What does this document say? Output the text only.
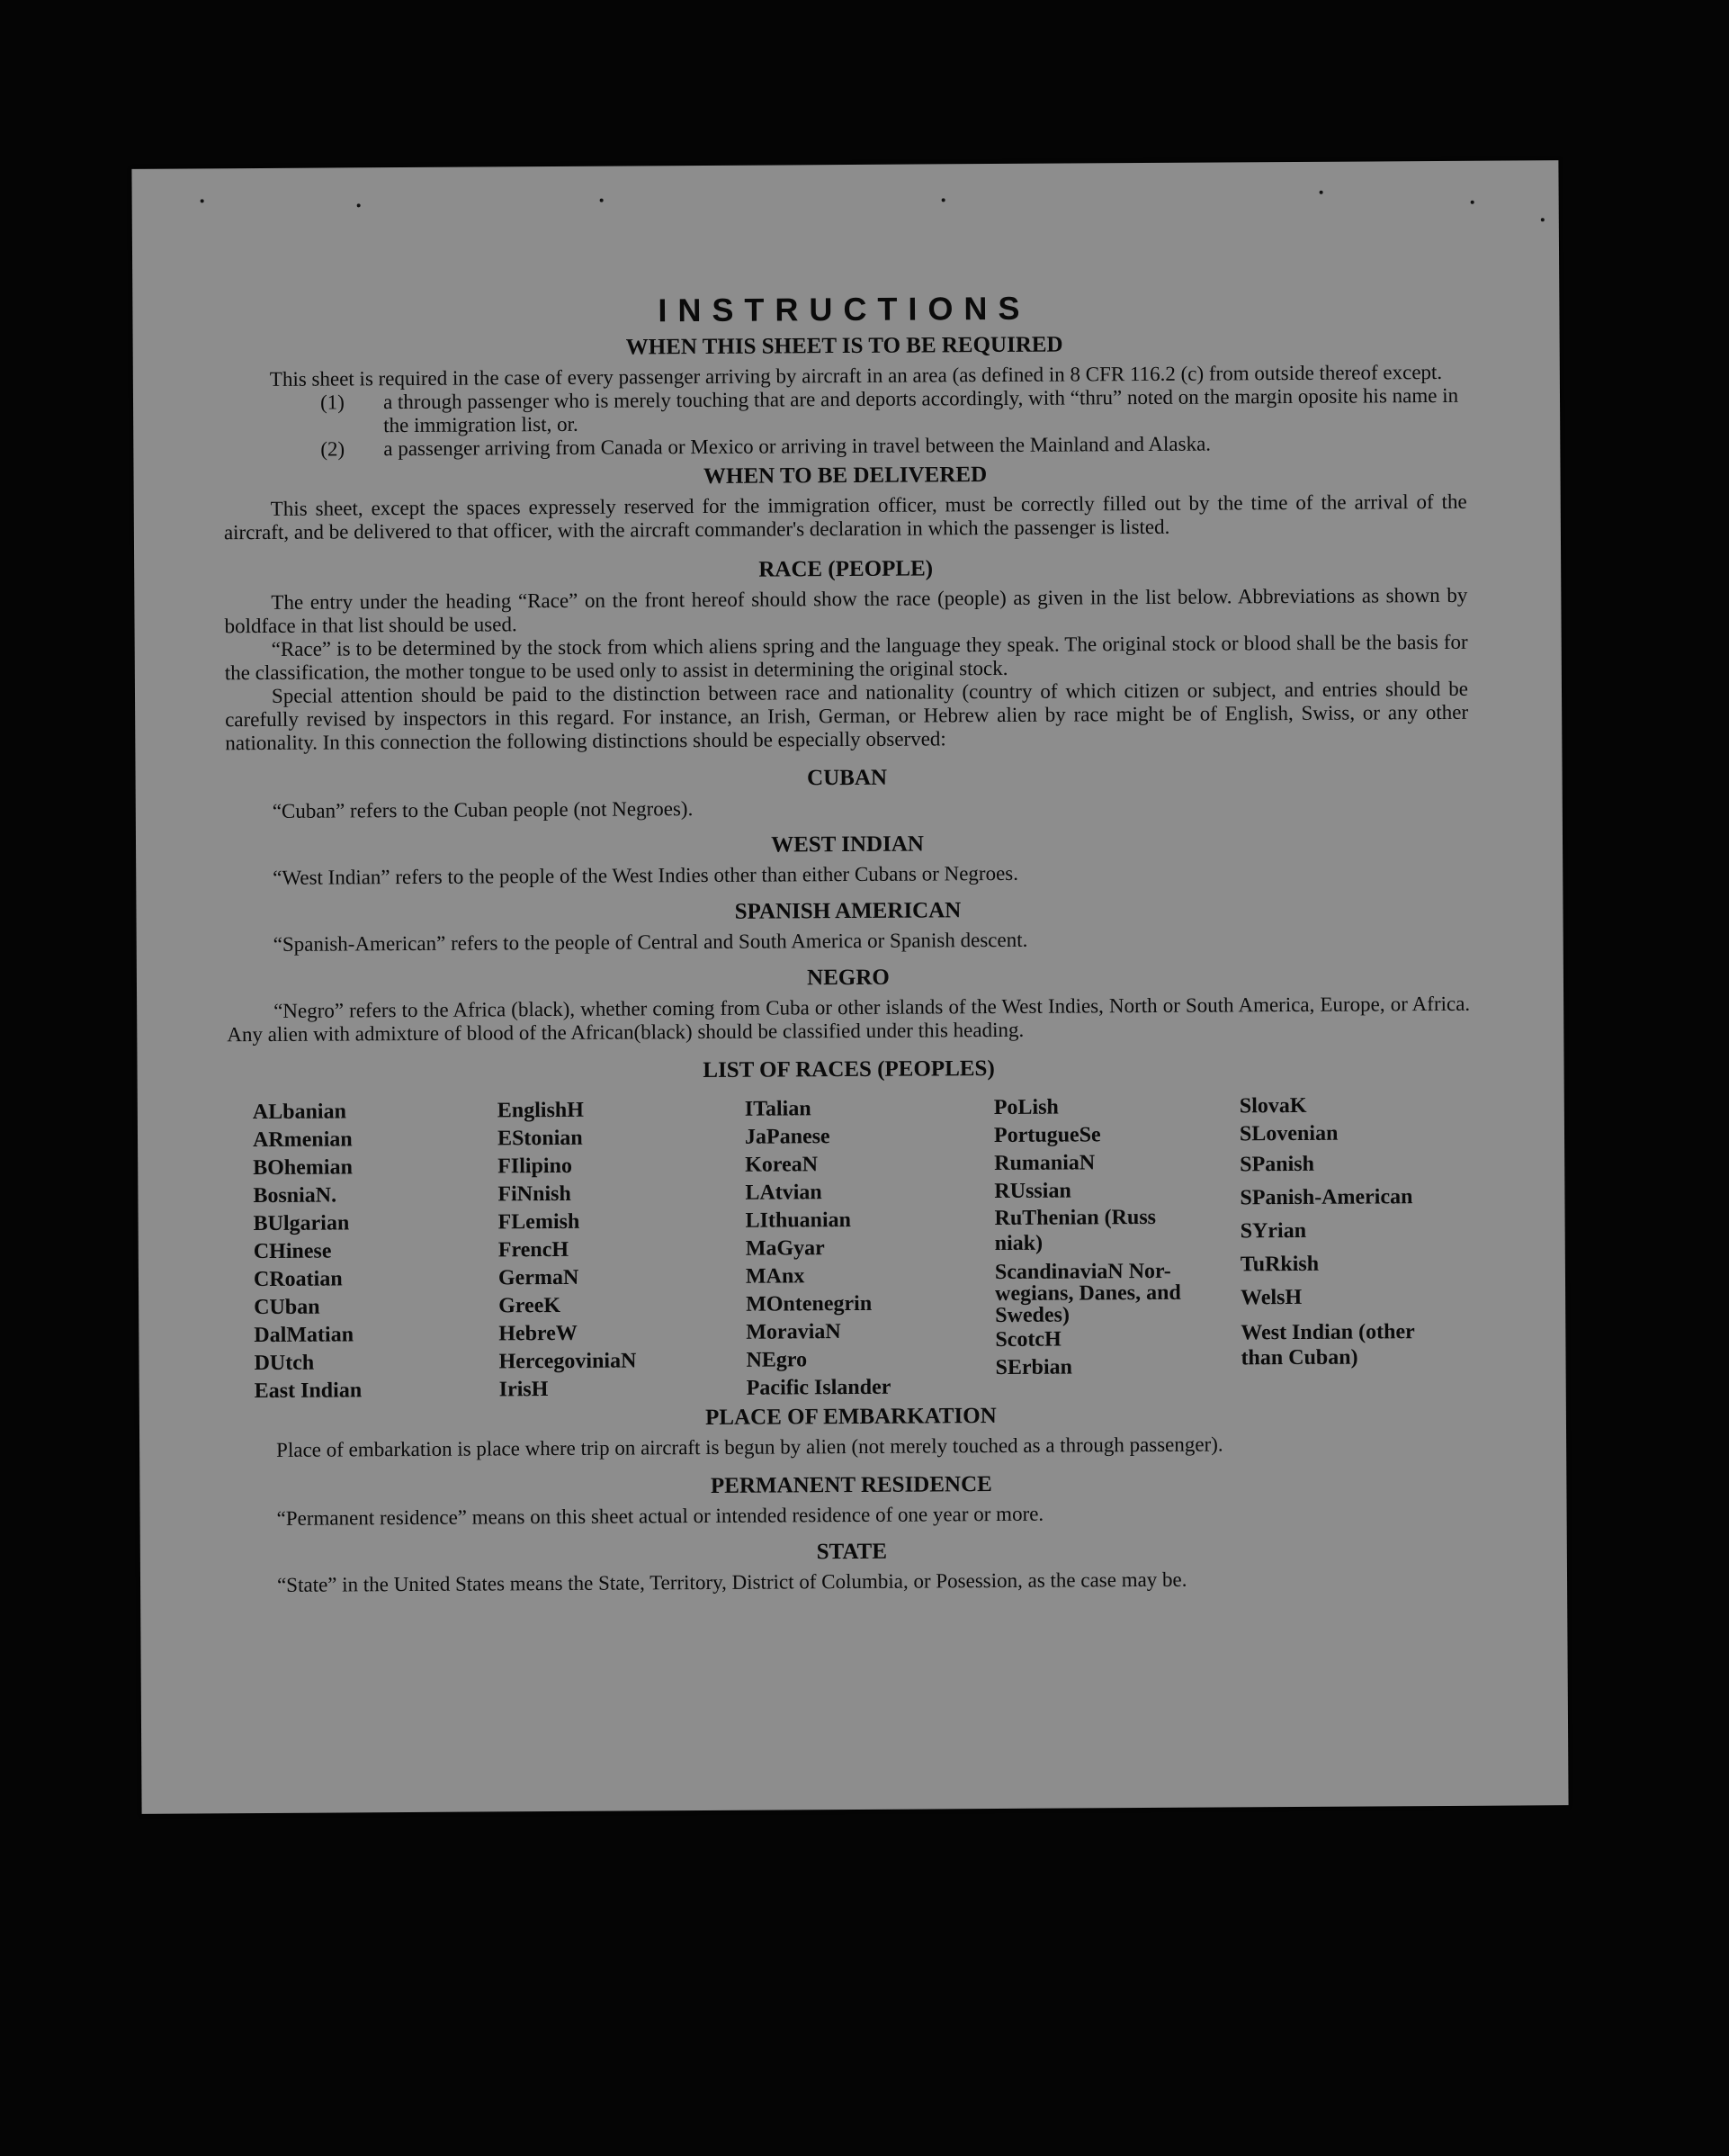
INSTRUCTIONS
WHEN THIS SHEET IS TO BE REQUIRED

This sheet is required in the case of every passenger arriving by aircraft in an area (as defined in 8 CFR 116.2 (c) from outside thereof except.

(1) a through passenger who is merely touching that are and deports accordingly, with “thru” noted on the margin oposite his name in the immigration list, or.

(2) a passenger arriving from Canada or Mexico or arriving in travel between the Mainland and Alaska.

WHEN TO BE DELIVERED

This sheet, except the spaces expressely reserved for the immigration officer, must be correctly filled out by the time of the arrival of the aircraft, and be delivered to that officer, with the aircraft commander's declaration in which the passenger is listed.

RACE (PEOPLE)

The entry under the heading “Race” on the front hereof should show the race (people) as given in the list below. Abbreviations as shown by boldface in that list should be used.

“Race” is to be determined by the stock from which aliens spring and the language they speak. The original stock or blood shall be the basis for the classification, the mother tongue to be used only to assist in determining the original stock.

Special attention should be paid to the distinction between race and nationality (country of which citizen or subject, and entries should be carefully revised by inspectors in this regard. For instance, an Irish, German, or Hebrew alien by race might be of English, Swiss, or any other nationality. In this connection the following distinctions should be especially observed:

CUBAN

“Cuban” refers to the Cuban people (not Negroes).

WEST INDIAN

“West Indian” refers to the people of the West Indies other than either Cubans or Negroes.

SPANISH AMERICAN

“Spanish-American” refers to the people of Central and South America or Spanish descent.

NEGRO

“Negro” refers to the Africa (black), whether coming from Cuba or other islands of the West Indies, North or South America, Europe, or Africa. Any alien with admixture of blood of the African(black) should be classified under this heading.

LIST OF RACES (PEOPLES)
ALbanian
ARmenian
BOhemian
BosniaN.
BUlgarian
CHinese
CRoatian
CUban
DalMatian
DUtch
East Indian
EnglishH
EStonian
FIlipino
FiNnish
FLemish
FrencH
GermaN
GreeK
HebreW
HercegoviniaN
IrisH
ITalian
JaPanese
KoreaN
LAtvian
LIthuanian
MaGyar
MAnx
MOntenegrin
MoraviaN
NEgro
Pacific Islander
PoLish
PortugueSe
RumaniaN
RUssian
RuThenian (Russ niak)
ScandinaviaN Nor-wegians, Danes, and Swedes)
ScotcH
SErbian
SlovaK
SLovenian
SPanish
SPanish-American
SYrian
TuRkish
WelsH
West Indian (other than Cuban)
PLACE OF EMBARKATION

Place of embarkation is place where trip on aircraft is begun by alien (not merely touched as a through passenger).

PERMANENT RESIDENCE

“Permanent residence” means on this sheet actual or intended residence of one year or more.

STATE

“State” in the United States means the State, Territory, District of Columbia, or Posession, as the case may be.
